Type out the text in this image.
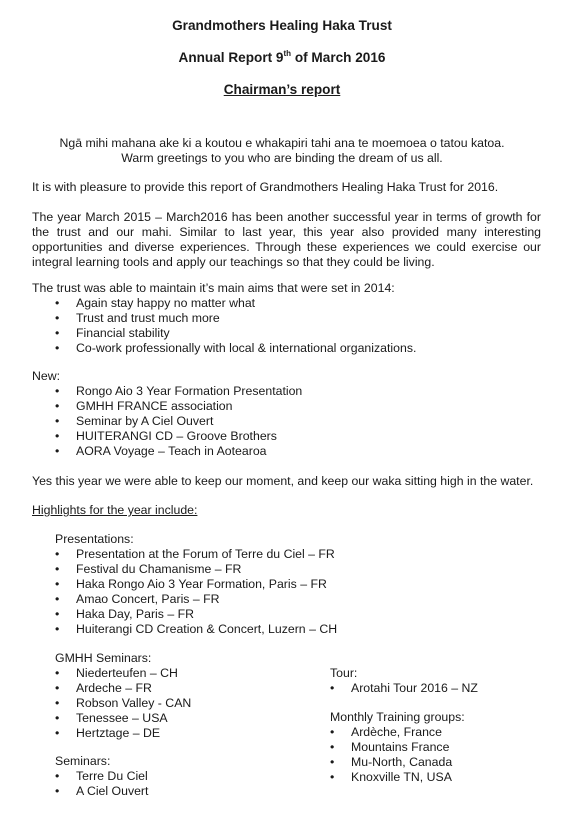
Grandmothers Healing Haka Trust

Annual Report 9th of March 2016

Chairman’s report

Ngā mihi mahana ake ki a koutou e whakapiri tahi ana te moemoea o tatou katoa.
Warm greetings to you who are binding the dream of us all.

It is with pleasure to provide this report of Grandmothers Healing Haka Trust for 2016.

The year March 2015 – March2016 has been another successful year in terms of growth for the trust and our mahi. Similar to last year, this year also provided many interesting opportunities and diverse experiences. Through these experiences we could exercise our integral learning tools and apply our teachings so that they could be living.

The trust was able to maintain it’s main aims that were set in 2014:

• Again stay happy no matter what
• Trust and trust much more
• Financial stability
• Co-work professionally with local & international organizations.

New:

• Rongo Aio 3 Year Formation Presentation
• GMHH FRANCE association
• Seminar by A Ciel Ouvert
• HUITERANGI CD – Groove Brothers
• AORA Voyage – Teach in Aotearoa

Yes this year we were able to keep our moment, and keep our waka sitting high in the water.

Highlights for the year include:

Presentations:

• Presentation at the Forum of Terre du Ciel – FR
• Festival du Chamanisme – FR
• Haka Rongo Aio 3 Year Formation, Paris – FR
• Amao Concert, Paris – FR
• Haka Day, Paris – FR
• Huiterangi CD Creation & Concert, Luzern – CH

GMHH Seminars:

• Niederteufen – CH
• Ardeche – FR
• Robson Valley - CAN
• Tenessee – USA
• Hertztage – DE

Seminars:

• Terre Du Ciel
• A Ciel Ouvert

Tour:

• Arotahi Tour 2016 – NZ

Monthly Training groups:

• Ardèche, France
• Mountains France
• Mu-North, Canada
• Knoxville TN, USA
